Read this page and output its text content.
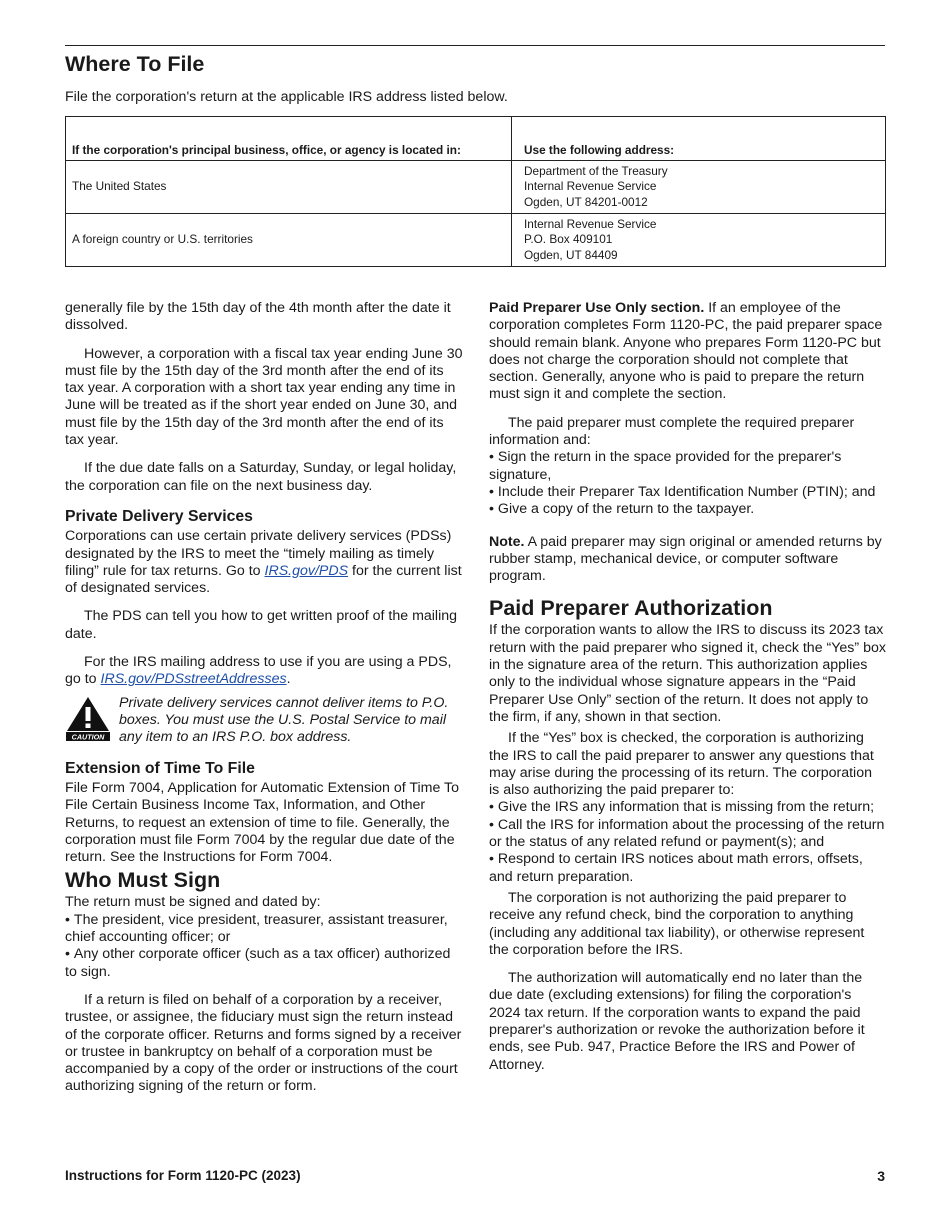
Where To File

File the corporation's return at the applicable IRS address listed below.

If the corporation's principal business, office, or agency is located in:	Use the following address:
The United States	Department of the Treasury
Internal Revenue Service
Ogden, UT 84201-0012

A foreign country or U.S. territories	Internal Revenue Service
P.O. Box 409101
Ogden, UT 84409

generally file by the 15th day of the 4th month after the date it dissolved.

However, a corporation with a fiscal tax year ending June 30 must file by the 15th day of the 3rd month after the end of its tax year. A corporation with a short tax year ending any time in June will be treated as if the short year ended on June 30, and must file by the 15th day of the 3rd month after the end of its tax year.

If the due date falls on a Saturday, Sunday, or legal holiday, the corporation can file on the next business day.

Private Delivery Services

Corporations can use certain private delivery services (PDSs) designated by the IRS to meet the “timely mailing as timely filing” rule for tax returns. Go to IRS.gov/PDS for the current list of designated services.

The PDS can tell you how to get written proof of the mailing date.

For the IRS mailing address to use if you are using a PDS, go to IRS.gov/PDSstreetAddresses.

CAUTION
Private delivery services cannot deliver items to P.O. boxes. You must use the U.S. Postal Service to mail any item to an IRS P.O. box address.
Extension of Time To File

File Form 7004, Application for Automatic Extension of Time To File Certain Business Income Tax, Information, and Other Returns, to request an extension of time to file. Generally, the corporation must file Form 7004 by the regular due date of the return. See the Instructions for Form 7004.

Who Must Sign

The return must be signed and dated by:

• The president, vice president, treasurer, assistant treasurer, chief accounting officer; or
• Any other corporate officer (such as a tax officer) authorized to sign.

If a return is filed on behalf of a corporation by a receiver, trustee, or assignee, the fiduciary must sign the return instead of the corporate officer. Returns and forms signed by a receiver or trustee in bankruptcy on behalf of a corporation must be accompanied by a copy of the order or instructions of the court authorizing signing of the return or form.

Paid Preparer Use Only section. If an employee of the corporation completes Form 1120-PC, the paid preparer space should remain blank. Anyone who prepares Form 1120-PC but does not charge the corporation should not complete that section. Generally, anyone who is paid to prepare the return must sign it and complete the section.

The paid preparer must complete the required preparer information and:

• Sign the return in the space provided for the preparer's signature,
• Include their Preparer Tax Identification Number (PTIN); and
• Give a copy of the return to the taxpayer.

Note. A paid preparer may sign original or amended returns by rubber stamp, mechanical device, or computer software program.

Paid Preparer Authorization

If the corporation wants to allow the IRS to discuss its 2023 tax return with the paid preparer who signed it, check the “Yes” box in the signature area of the return. This authorization applies only to the individual whose signature appears in the “Paid Preparer Use Only” section of the return. It does not apply to the firm, if any, shown in that section.

If the “Yes” box is checked, the corporation is authorizing the IRS to call the paid preparer to answer any questions that may arise during the processing of its return. The corporation is also authorizing the paid preparer to:

• Give the IRS any information that is missing from the return;
• Call the IRS for information about the processing of the return or the status of any related refund or payment(s); and
• Respond to certain IRS notices about math errors, offsets, and return preparation.

The corporation is not authorizing the paid preparer to receive any refund check, bind the corporation to anything (including any additional tax liability), or otherwise represent the corporation before the IRS.

The authorization will automatically end no later than the due date (excluding extensions) for filing the corporation's 2024 tax return. If the corporation wants to expand the paid preparer's authorization or revoke the authorization before it ends, see Pub. 947, Practice Before the IRS and Power of Attorney.

Instructions for Form 1120-PC (2023)	3
